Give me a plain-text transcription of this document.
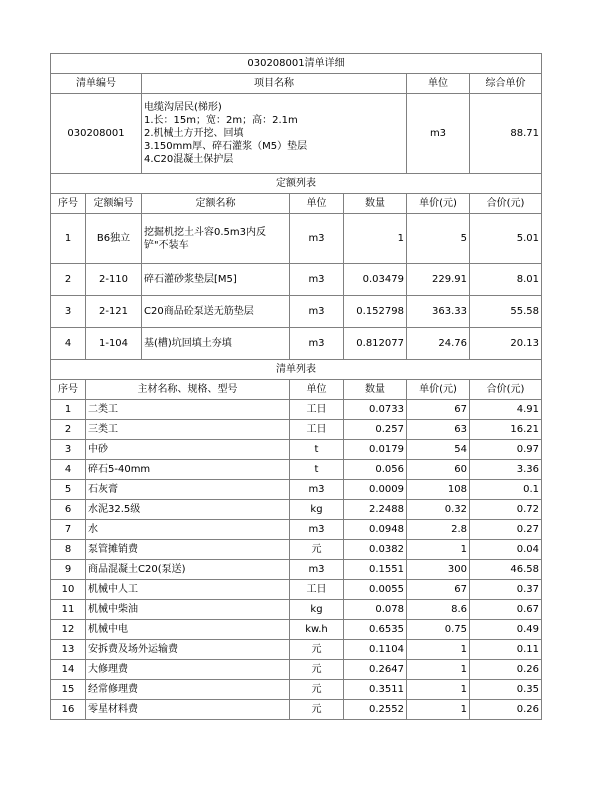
030208001清单详细						
清单编号		项目名称			单位	综合单价
030208001		电缆沟居民(梯形)
1.长：15m；宽：2m；高：2.1m
2.机械土方开挖、回填
3.150mm厚、碎石灌浆（M5）垫层
4.C20混凝土保护层			m3	88.71
定额列表						
序号	定额编号	定额名称	单位	数量	单价(元)	合价(元)
1	B6独立	挖掘机挖土斗容0.5m3内反铲"不装车	m3	1	5	5.01
2	2-110	碎石灌砂浆垫层[M5]	m3	0.03479	229.91	8.01
3	2-121	C20商品砼泵送无筋垫层	m3	0.152798	363.33	55.58
4	1-104	基(槽)坑回填土夯填	m3	0.812077	24.76	20.13
清单列表						
序号	主材名称、规格、型号		单位	数量	单价(元)	合价(元)
1	二类工		工日	0.0733	67	4.91
2	三类工		工日	0.257	63	16.21
3	中砂		t	0.0179	54	0.97
4	碎石5-40mm		t	0.056	60	3.36
5	石灰膏		m3	0.0009	108	0.1
6	水泥32.5级		kg	2.2488	0.32	0.72
7	水		m3	0.0948	2.8	0.27
8	泵管摊销费		元	0.0382	1	0.04
9	商品混凝土C20(泵送)		m3	0.1551	300	46.58
10	机械中人工		工日	0.0055	67	0.37
11	机械中柴油		kg	0.078	8.6	0.67
12	机械中电		kw.h	0.6535	0.75	0.49
13	安拆费及场外运输费		元	0.1104	1	0.11
14	大修理费		元	0.2647	1	0.26
15	经常修理费		元	0.3511	1	0.35
16	零星材料费		元	0.2552	1	0.26
